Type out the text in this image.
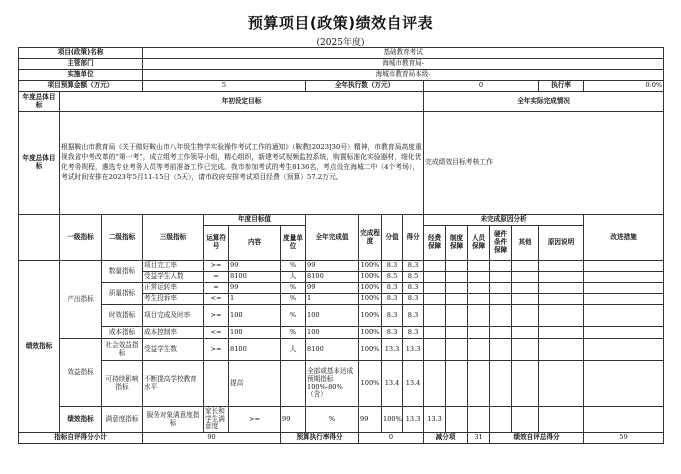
预算项目(政策)绩效自评表
(2025年度)
项目(政策)名称			基础教育考试															
主管部门			海城市教育局-															
实施单位			海城市教育局本级-															
项目预算金额（万元）			5				全年执行数（万元）				0					执行率	0.0%	
年度总体目标	年初设定目标										全年实际完成情况							
年度总体目标	根据鞍山市教育局《关于做好鞍山市八年级生物学实验操作考试工作的通知》（鞍教[2023]30号）精神，市教育局高度重视我省中考改革的“第一考”，成立组考工作领导小组，精心组织，新建考试视频监控系统，购置标准化实验器材，细化优化考务规程，遴选专业考务人员等考前准备工作已完成。我市参加考试的考生8136名，考点设在海城二中（4个考场），考试时间安排在2023年5月11-15日（5天），请市政府安排考试项目经费（预算）57.2万元。										完成绩效目标考核工作							
	一级指标	二级指标	三级指标	年度目标值			全年完成值	完成程度	分值	得分	未完成原因分析						改进措施	
				运算符号	内容	度量单位					经费保障	制度保障	人员保障	硬件条件保障	其他	原因说明		
绩效指标	产出指标	数量指标	项目完工率	>=	99	%	99	100%	8.3	8.3								
			受益学生人数	=	8100	人	8100	100%	8.5	8.5								
		质量指标	正常运转率	=	99	%	99	100%	8.3	8.3								
			考生投诉率	<=	1	%	1	100%	8.3	8.3								
		时效指标	项目完成及时率	>=	100	%	100	100%	8.3	8.3								
		成本指标	成本控制率	<=	100	%	100	100%	8.3	8.3								
	效益指标	社会效益指标	受益学生数	>=	8100	人	8100	100%	13.3	13.3								
		可持续影响指标	不断提高学校教育水平		提高		全部或基本达成预期指标100%-80%（含）	100%	13.4	13.4								
	绩效指标	满意度指标	服务对象满意度指标	家长和学生满意度	>=	99	%	99	100%	13.3	13.3							
指标自评得分小计			90			预算执行率得分		0			减分项		31	绩效自评总得分			59	
